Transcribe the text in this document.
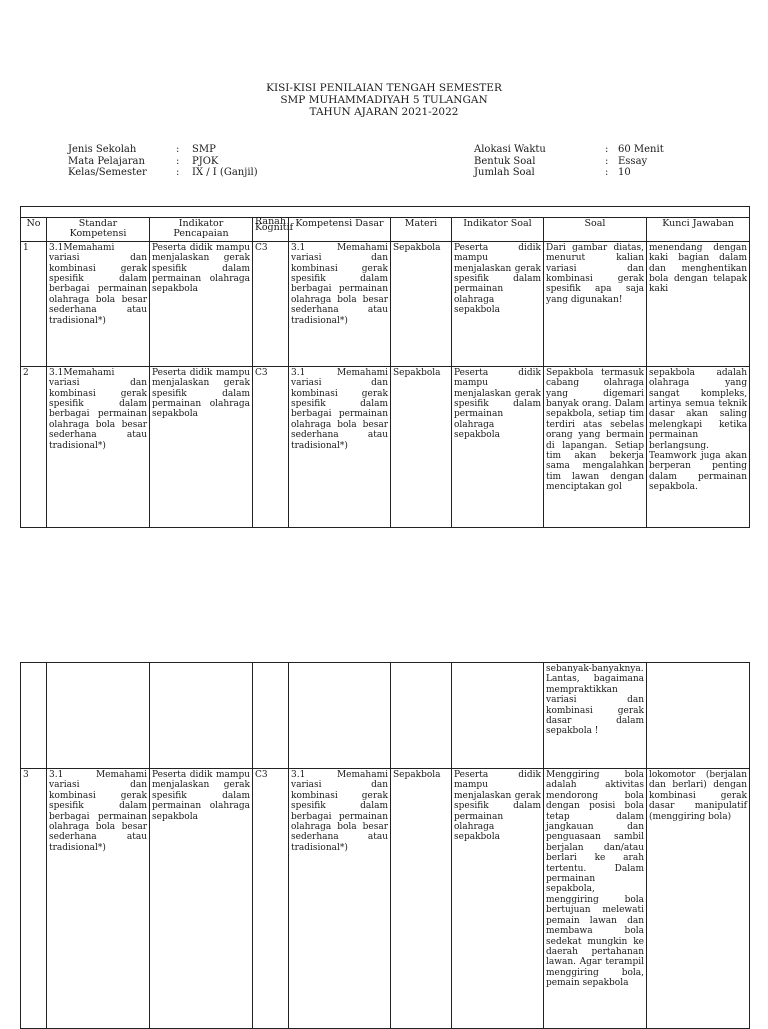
KISI-KISI PENILAIAN TENGAH SEMESTER
SMP MUHAMMADIYAH 5 TULANGAN
TAHUN AJARAN 2021-2022
Jenis Sekolah	:	SMP
Mata Pelajaran	:	PJOK
Kelas/Semester	:	IX / I (Ganjil)
Alokasi Waktu	: 60 Menit
Bentuk Soal	: Essay
Jumlah Soal	: 10

No	Standar Kompetensi	Indikator Pencapaian	Ranah Kognitif	Kompetensi Dasar	Materi	Indikator Soal	Soal	Kunci Jawaban
1	3.1Memahami variasi dan kombinasi gerak spesifik dalam berbagai permainan olahraga bola besar sederhana atau tradisional*)	Peserta didik mampu menjalaskan gerak spesifik dalam permainan olahraga sepakbola	C3	3.1 Memahami variasi dan kombinasi gerak spesifik dalam berbagai permainan olahraga bola besar sederhana atau tradisional*)	Sepakbola	Peserta didik mampu menjalaskan gerak spesifik dalam permainan olahraga sepakbola	Dari gambar diatas, menurut kalian variasi dan kombinasi gerak spesifik apa saja yang digunakan!	menendang dengan kaki bagian dalam dan menghentikan bola dengan telapak kaki
2	3.1Memahami variasi dan kombinasi gerak spesifik dalam berbagai permainan olahraga bola besar sederhana atau tradisional*)	Peserta didik mampu menjalaskan gerak spesifik dalam permainan olahraga sepakbola	C3	3.1 Memahami variasi dan kombinasi gerak spesifik dalam berbagai permainan olahraga bola besar sederhana atau tradisional*)	Sepakbola	Peserta didik mampu menjalaskan gerak spesifik dalam permainan olahraga sepakbola	Sepakbola termasuk cabang olahraga yang digemari banyak orang. Dalam sepakbola, setiap tim terdiri atas sebelas orang yang bermain di lapangan. Setiap tim akan bekerja sama mengalahkan tim lawan dengan menciptakan gol	sepakbola adalah olahraga yang sangat kompleks, artinya semua teknik dasar akan saling melengkapi ketika permainan berlangsung. Teamwork juga akan berperan penting dalam permainan sepakbola.
							sebanyak-banyaknya. Lantas, bagaimana mempraktikkan variasi dan kombinasi gerak dasar dalam sepakbola !	
3	3.1 Memahami variasi dan kombinasi gerak spesifik dalam berbagai permainan olahraga bola besar sederhana atau tradisional*)	Peserta didik mampu menjalaskan gerak spesifik dalam permainan olahraga sepakbola	C3	3.1 Memahami variasi dan kombinasi gerak spesifik dalam berbagai permainan olahraga bola besar sederhana atau tradisional*)	Sepakbola	Peserta didik mampu menjalaskan gerak spesifik dalam permainan olahraga sepakbola	Menggiring bola adalah aktivitas mendorong bola dengan posisi bola tetap dalam jangkauan dan penguasaan sambil berjalan dan/atau berlari ke arah tertentu. Dalam permainan sepakbola, menggiring bola bertujuan melewati pemain lawan dan membawa bola sedekat mungkin ke daerah pertahanan lawan. Agar terampil menggiring bola, pemain sepakbola	lokomotor (berjalan dan berlari) dengan kombinasi gerak dasar manipulatif (menggiring bola)
